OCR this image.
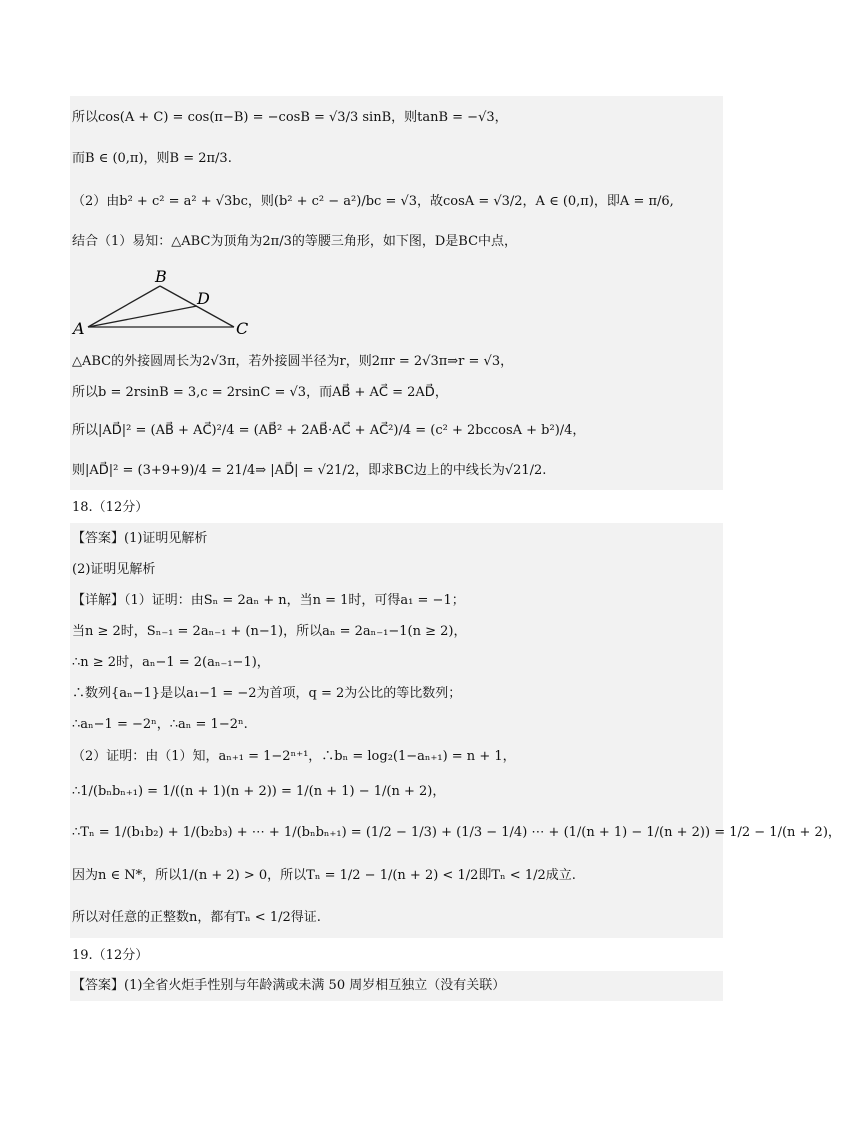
所以cos(A + C) = cos(π−B) = −cosB = √3/3 sinB，则tanB = −√3，
而B ∈ (0,π)，则B = 2π/3.
（2）由b² + c² = a² + √3bc，则(b² + c² − a²)/bc = √3，故cosA = √3/2，A ∈ (0,π)，即A = π/6,
结合（1）易知：△ABC为顶角为2π/3的等腰三角形，如下图，D是BC中点，
A
B
C
D
△ABC的外接圆周长为2√3π，若外接圆半径为r，则2πr = 2√3π⇒r = √3，
所以b = 2rsinB = 3,c = 2rsinC = √3，而AB⃗ + AC⃗ = 2AD⃗，
所以|AD⃗|² = (AB⃗ + AC⃗)²/4 = (AB⃗² + 2AB⃗·AC⃗ + AC⃗²)/4 = (c² + 2bccosA + b²)/4，
则|AD⃗|² = (3+9+9)/4 = 21/4⇒ |AD⃗| = √21/2，即求BC边上的中线长为√21/2.
18.（12分）
【答案】(1)证明见解析
(2)证明见解析
【详解】（1）证明：由Sₙ = 2aₙ + n，当n = 1时，可得a₁ = −1；
当n ≥ 2时，Sₙ₋₁ = 2aₙ₋₁ + (n−1)，所以aₙ = 2aₙ₋₁−1(n ≥ 2)，
∴n ≥ 2时，aₙ−1 = 2(aₙ₋₁−1)，
∴数列{aₙ−1}是以a₁−1 = −2为首项，q = 2为公比的等比数列；
∴aₙ−1 = −2ⁿ，∴aₙ = 1−2ⁿ.
（2）证明：由（1）知，aₙ₊₁ = 1−2ⁿ⁺¹，∴bₙ = log₂(1−aₙ₊₁) = n + 1，
∴1/(bₙbₙ₊₁) = 1/((n + 1)(n + 2)) = 1/(n + 1) − 1/(n + 2)，
∴Tₙ = 1/(b₁b₂) + 1/(b₂b₃) + ⋯ + 1/(bₙbₙ₊₁) = (1/2 − 1/3) + (1/3 − 1/4) ⋯ + (1/(n + 1) − 1/(n + 2)) = 1/2 − 1/(n + 2)，
因为n ∈ N*，所以1/(n + 2) > 0，所以Tₙ = 1/2 − 1/(n + 2) < 1/2即Tₙ < 1/2成立.
所以对任意的正整数n，都有Tₙ < 1/2得证.
19.（12分）
【答案】(1)全省火炬手性别与年龄满或未满 50 周岁相互独立（没有关联）
